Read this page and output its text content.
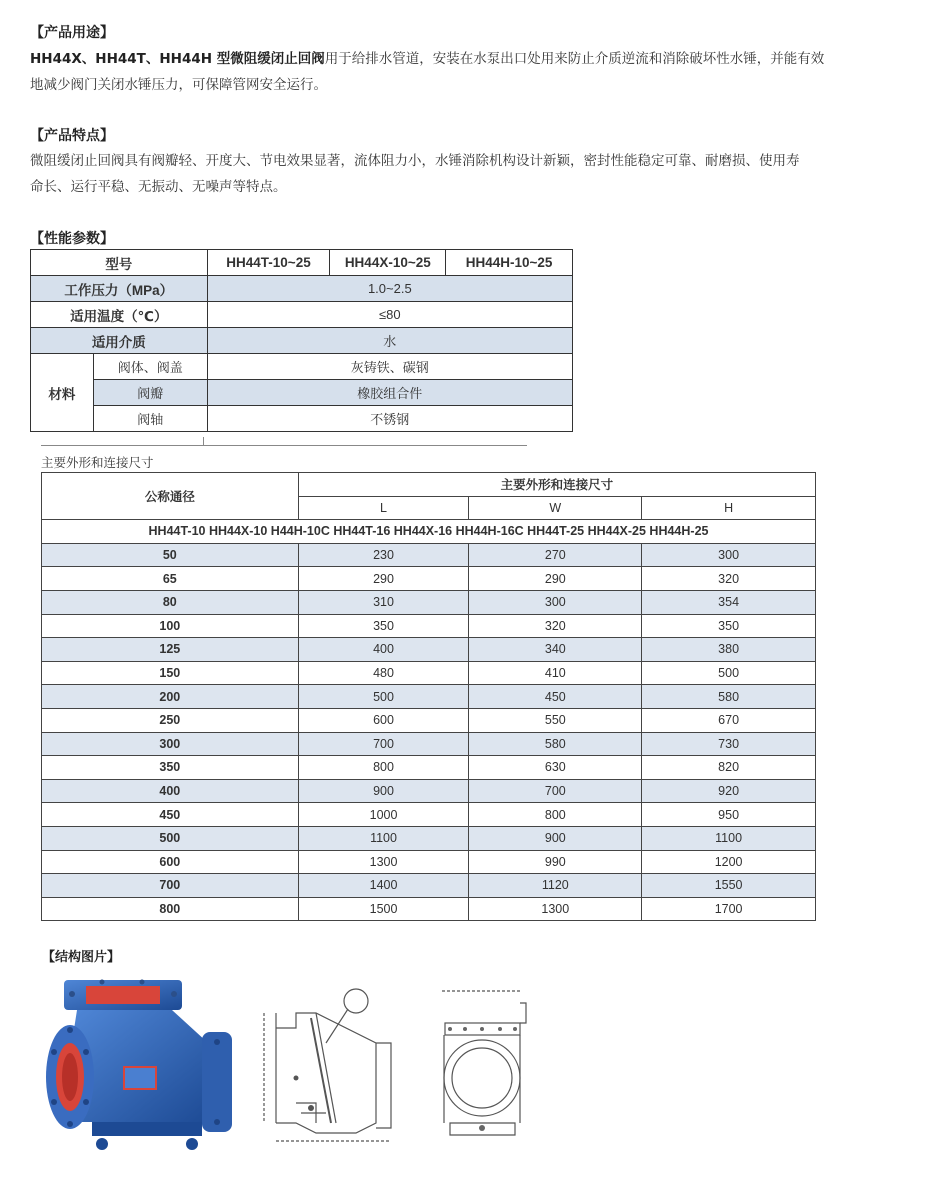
【产品用途】
HH44X、HH44T、HH44H 型微阻缓闭止回阀用于给排水管道，安装在水泵出口处用来防止介质逆流和消除破坏性水锤，并能有效
地减少阀门关闭水锤压力，可保障管网安全运行。
【产品特点】
微阻缓闭止回阀具有阀瓣轻、开度大、节电效果显著，流体阻力小，水锤消除机构设计新颖，密封性能稳定可靠、耐磨损、使用寿
命长、运行平稳、无振动、无噪声等特点。
【性能参数】
型号		HH44T-10~25	HH44X-10~25	HH44H-10~25
工作压力（MPa）		1.0~2.5		
适用温度（℃）		≤80		
适用介质		水		
材料	阀体、阀盖	灰铸铁、碳钢		
	阀瓣	橡胶组合件		
	阀轴	不锈钢		
主要外形和连接尺寸
公称通径	主要外形和连接尺寸		
	L	W	H
HH44T-10 HH44X-10 H44H-10C HH44T-16 HH44X-16 HH44H-16C HH44T-25 HH44X-25 HH44H-25			
50	230	270	300
65	290	290	320
80	310	300	354
100	350	320	350
125	400	340	380
150	480	410	500
200	500	450	580
250	600	550	670
300	700	580	730
350	800	630	820
400	900	700	920
450	1000	800	950
500	1100	900	1100
600	1300	990	1200
700	1400	1120	1550
800	1500	1300	1700
【结构图片】
